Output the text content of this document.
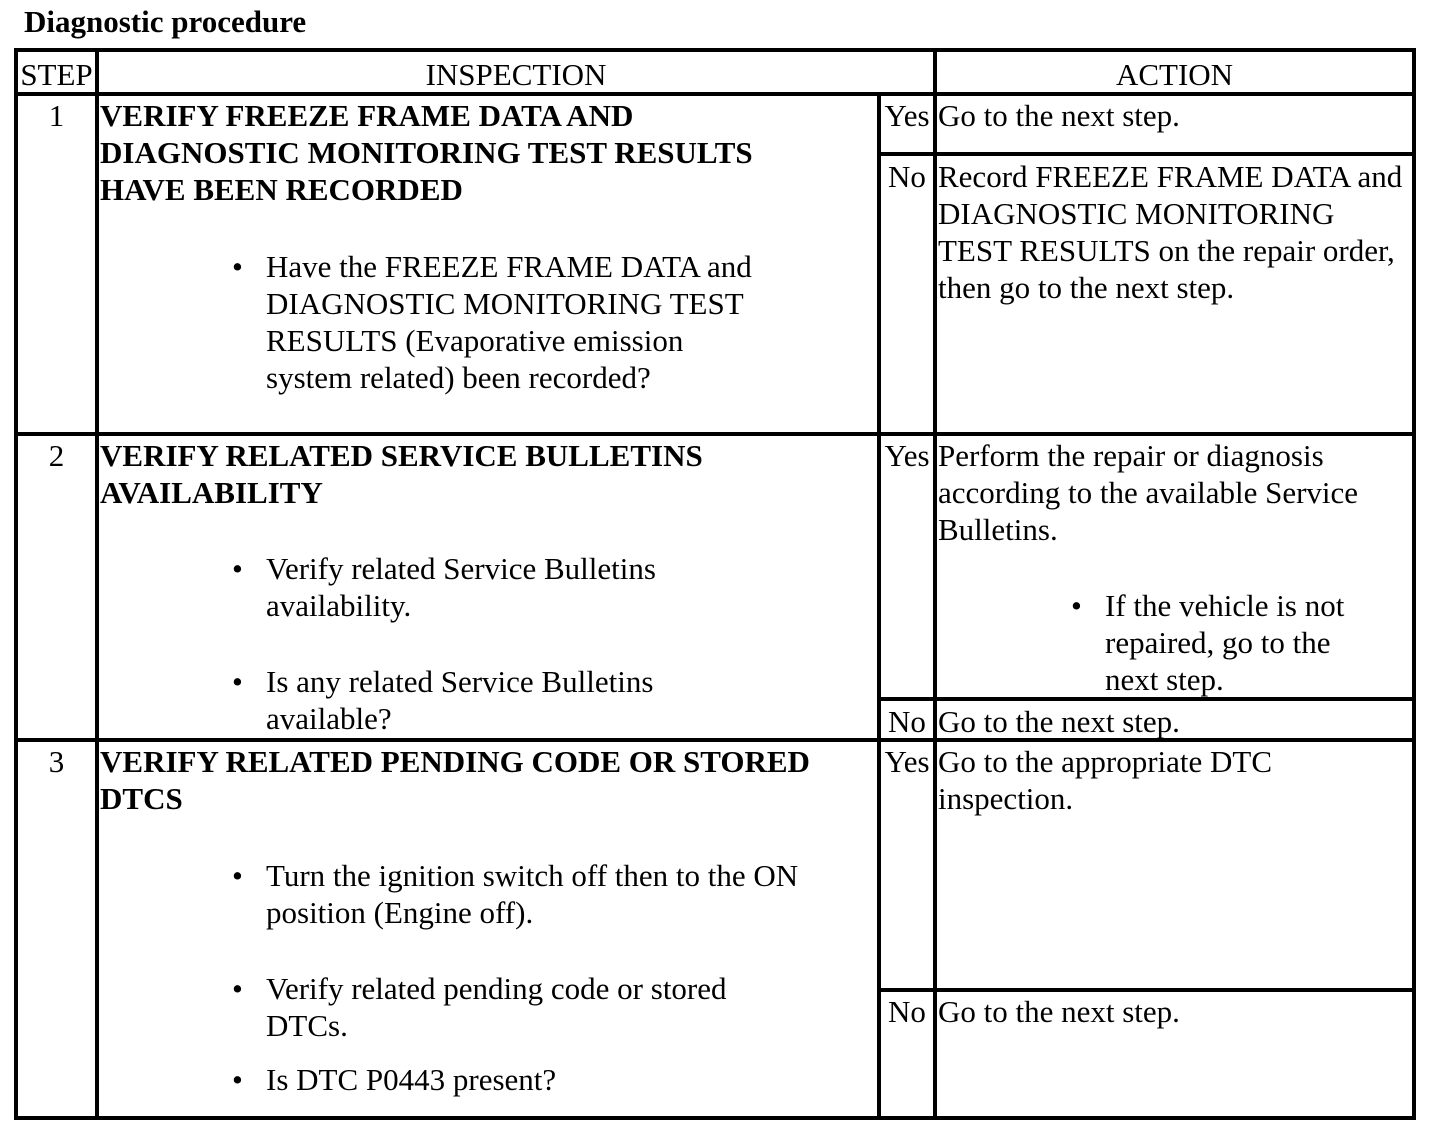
Diagnostic procedure
STEP	INSPECTION	ACTION
1	VERIFY FREEZE FRAME DATA AND DIAGNOSTIC MONITORING TEST RESULTS HAVE BEEN RECORDED
• Have the FREEZE FRAME DATA and DIAGNOSTIC MONITORING TEST RESULTS (Evaporative emission system related) been recorded?
Yes Go to the next step.
No Record FREEZE FRAME DATA and DIAGNOSTIC MONITORING TEST RESULTS on the repair order, then go to the next step.
2	VERIFY RELATED SERVICE BULLETINS AVAILABILITY
• Verify related Service Bulletins availability.
• Is any related Service Bulletins available?
Yes Perform the repair or diagnosis according to the available Service Bulletins.
• If the vehicle is not repaired, go to the next step.
No Go to the next step.
3	VERIFY RELATED PENDING CODE OR STORED DTCS
• Turn the ignition switch off then to the ON position (Engine off).
• Verify related pending code or stored DTCs.
• Is DTC P0443 present?
Yes Go to the appropriate DTC inspection.
No Go to the next step.
